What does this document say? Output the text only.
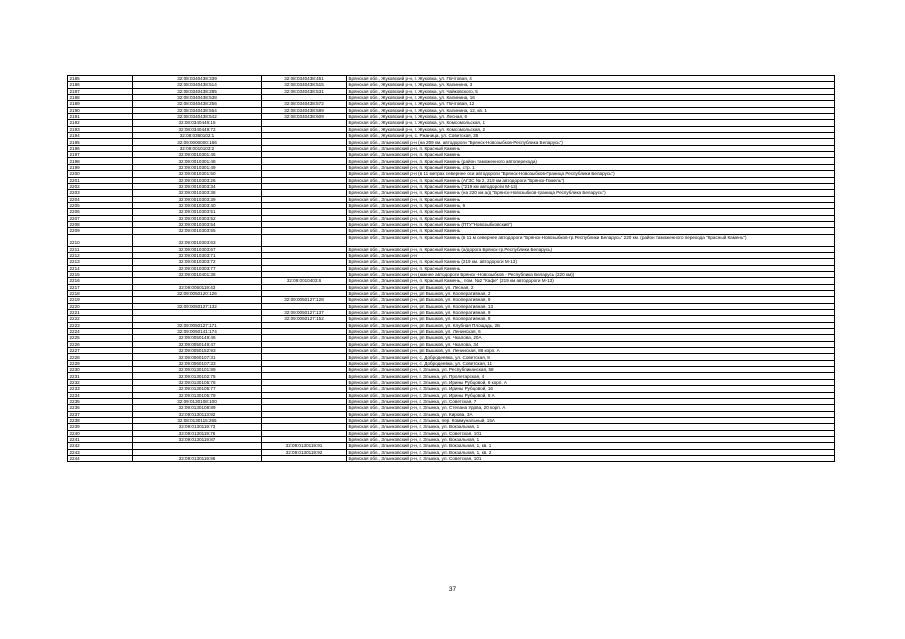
2185	32:08:0340438:339	32:08:0340438:451	Брянская обл., Жуковский р-н, г. Жуковка, ул. Почтовая, 4
2186	32:08:0340438:514	32:08:0340438:515	Брянская обл., Жуковский р-н, г. Жуковка, ул. Калинина, 3
2187	32:08:0340438:285	32:08:0340438:531	Брянская обл., Жуковский р-н, г. Жуковка, ул. Чайковского, 5
2188	32:08:0340438:538		Брянская обл., Жуковский р-н, г. Жуковка, ул. Калинина, 16
2189	32:08:0340438:256	32:08:0340438:572	Брянская обл., Жуковский р-н, г. Жуковка, ул. Почтовая, 12
2190	32:08:0340438:554	32:08:0340438:589	Брянская обл., Жуковский р-н, г. Жуковка, ул. Калинина, 12, кв. 1
2191	32:08:0340438:542	32:08:0340438:609	Брянская обл., Жуковский р-н, г. Жуковка, ул. Лесная, 6
2192	32:08:0340446:15		Брянская обл., Жуковский р-н, г. Жуковка, ул. Комсомольская, 1
2193	32:08:0340449:72		Брянская обл., Жуковский р-н, г. Жуковка, ул. Комсомольская, 2
2194	32:08:0360102:1		Брянская обл., Жуковский р-н, с. Ржаница, ул. Советская, 35
2195	32:09:0000000:166		Брянская обл., Злынковский р-н (на 209 км. автодороги "Брянск-Новозыбков-Республика Беларусь")
2196	32:09:0010103:2		Брянская обл., Злынковский р-н, п. Красный Камень
2197	32:09:0010301:46		Брянская обл., Злынковский р-н, п. Красный Камень
2198	32:09:0010301:48		Брянская обл., Злынковский р-н, п. Красный Камень (район таможенного автоперехода)
2199	32:09:0010301:49		Брянская обл., Злынковский р-н, п. Красный Камень, стр. 1
2200	32:09:0010301:50		Брянская обл., Злынковский р-н (в 11 метрах севернее оси автодороги "Брянск-Новозыбков-Граница Республики Беларусь")
2201	32:09:0010303:26		Брянская обл., Злынковский р-н, п. Красный Камень (АГЗС № 2, 219 км автодороги "Брянск-Гомель")
2202	32:09:0010303:34		Брянская обл., Злынковский р-н, п. Красный Камень ("219 км автодороги М-13)
2203	32:09:0010303:38		Брянская обл., Злынковский р-н, п. Красный Камень (на 220 км а/д "Брянск-Новозыбков-граница Республика Беларусь")
2204	32:09:0010303:39		Брянская обл., Злынковский р-н, п. Красный Камень
2205	32:09:0010303:40		Брянская обл., Злынковский р-н, п. Красный Камень, 6
2206	32:09:0010303:51		Брянская обл., Злынковский р-н, п. Красный Камень
2207	32:09:0010303:52		Брянская обл., Злынковский р-н, п. Красный Камень
2208	32:09:0010303:54		Брянская обл., Злынковский р-н, п. Красный Камень (ПТУ"Новозыбковский")
2209	32:09:0010303:55		Брянская обл., Злынковский р-н, п. Красный Камень
2210	32:09:0010303:63		Брянская обл., Злынковский р-н, п. Красный Камень (в 11 м севернее автодороги "Брянск-Новозыбков-гр.Республики Беларусь" 220 км. (район таможенного перехода "Красный Камень")
2211	32:09:0010303:67		Брянская обл., Злынковский р-н, п. Красный Камень (а/дорога Брянск-гр.Республики Беларусь)
2212	32:09:0010303:71		Брянская обл., Злынковский р-н
2213	32:09:0010303:72		Брянская обл., Злынковский р-н, п. Красный Камень (219 км. автодороги М-13)
2214	32:09:0010303:77		Брянская обл., Злынковский р-н, п. Красный Камень
2215	32:09:0010401:38		Брянская обл., Злынковский р-н (южнее автодороги Брянск -Новозыбков - Республика Беларусь (220 км))
2216		32:09:0010403:6	Брянская обл., Злынковский р-н, п. Красный Камень,, пом. №2 "Кафе" (219 км автодороги М-13)
2217	32:09:0050119:43		Брянская обл., Злынковский р-н, рп Вышков, ул. Лесная, 2
2218	32:09:0050120:126		Брянская обл., Злынковский р-н, рп Вышков, ул. Кооперативная, 2
2219		32:09:0050127:128	Брянская обл., Злынковский р-н, рп Вышков, ул. Кооперативная, 9
2220	32:09:0050127:132		Брянская обл., Злынковский р-н, рп Вышков, ул. Кооперативная, 13
2221		32:09:0050127:137	Брянская обл., Злынковский р-н, рп Вышков, ул. Кооперативная, 9
2222		32:09:0050127:152	Брянская обл., Злынковский р-н, рп Вышков, ул. Кооперативная, 9
2223	32:09:0050127:171		Брянская обл., Злынковский р-н, рп Вышков, ул. Клубная Площадь, 2Б
2224	32:09:0050141:174		Брянская обл., Злынковский р-н, рп Вышков, ул. Ленинская, 6
2225	32:09:0050149:46		Брянская обл., Злынковский р-н, рп Вышков, ул. Чкалова, 20А
2226	32:09:0050149:47		Брянская обл., Злынковский р-н, рп Вышков, ул. Чкалова, 34
2227	32:09:0050152:93		Брянская обл., Злынковский р-н, рп Вышков, ул. Ленинская, 88 корп. А
2228	32:09:0060107:31		Брянская обл., Злынковский р-н, с. Добродеевка, ул. Советская, 8
2229	32:09:0060107:33		Брянская обл., Злынковский р-н, с. Добродеевка, ул. Советская, 11
2230	32:09:0130101:89		Брянская обл., Злынковский р-н, г. Злынка, ул. Республиканская, 58
2231	32:09:0130102:75		Брянская обл., Злынковский р-н, г. Злынка, ул. Пролетарская, 4
2232	32:09:0130105:76		Брянская обл., Злынковский р-н, г. Злынка, ул. Ирины Рубцовой, 8 корп. А
2233	32:09:0130105:77		Брянская обл., Злынковский р-н, г. Злынка, ул. Ирины Рубцовой, 16
2234	32:09:0130105:79		Брянская обл., Злынковский р-н, г. Злынка, ул. Ирины Рубцовой, 8 А
2235	32:09:0130108:100		Брянская обл., Злынковский р-н, г. Злынка, ул. Советская, 7
2236	32:09:0130108:89		Брянская обл., Злынковский р-н, г. Злынка, ул. Степана Удова, 20 корп. А
2237	32:09:0130113:92		Брянская обл., Злынковский р-н, г. Злынка, ул. Кирова, 3А
2238	32:08:0130115:265		Брянская обл., Злынковский р-н, г. Злынка, пер. Коммунальный, 15А
2239	32:09:0130119:73		Брянская обл., Злынковский р-н, г. Злынка, ул. Вокзальная, 1
2240	32:09:0130119:76		Брянская обл., Злынковский р-н, г. Злынка, ул. Советская, 101
2241	32:09:0130119:87		Брянская обл., Злынковский р-н, г. Злынка, ул. Вокзальная, 1
2242		32:09:0130119:91	Брянская обл., Злынковский р-н, г. Злынка, ул. Вокзальная, 1, кв. 1
2243		32:09:0130119:92	Брянская обл., Злынковский р-н, г. Злынка, ул. Вокзальная, 1, кв. 2
2244	32:09:0130119:96		Брянская обл., Злынковский р-н, г. Злынка, ул. Советская, 101
37
